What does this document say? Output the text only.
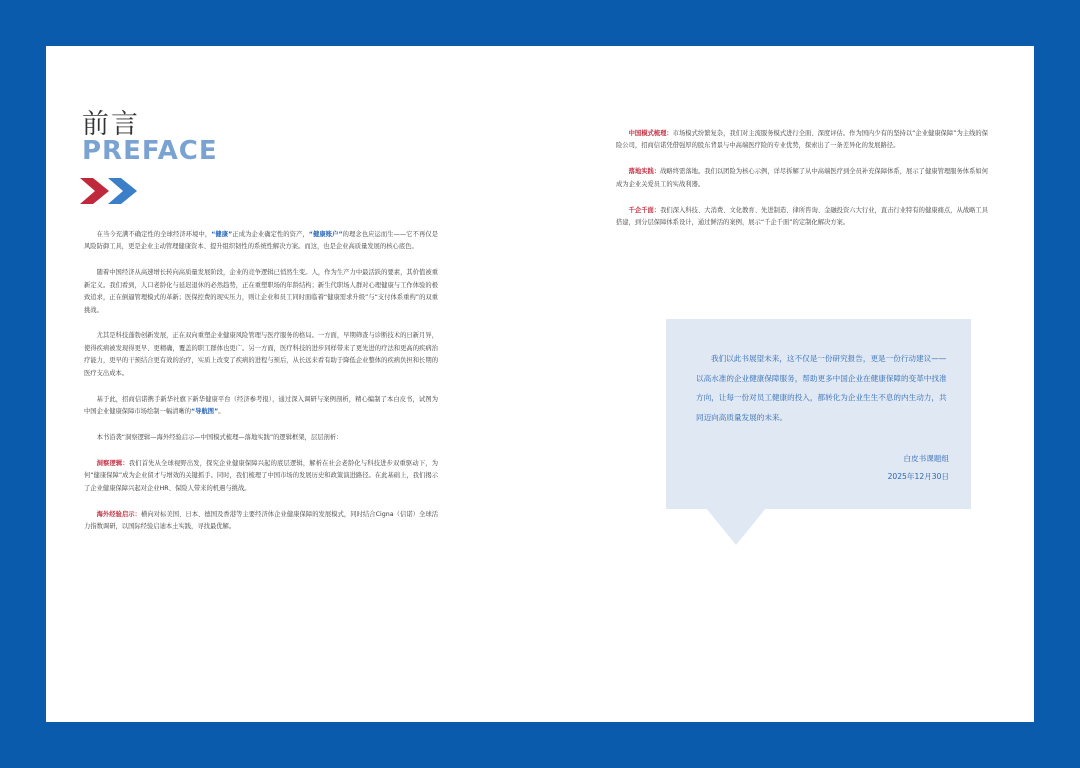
前言
PREFACE

在当今充满不确定性的全球经济环境中，“健康”正成为企业确定性的资产，“健康账户”的理念也应运而生——它不再仅是风险防御工具，更是企业主动管理健康资本、提升组织韧性的系统性解决方案。而这，也是企业高质量发展的核心底色。

随着中国经济从高速增长转向高质量发展阶段，企业的竞争逻辑已悄然生变。人，作为生产力中最活跃的要素，其价值被重新定义。我们看到，人口老龄化与延迟退休的必然趋势，正在重塑职场的年龄结构；新生代职场人群对心理健康与工作体验的极致追求，正在倒逼管理模式的革新；医保控费的现实压力，则让企业和员工同时面临着“健康需求升级”与“支付体系重构”的双重挑战。

尤其是科技蓬勃创新发展，正在双向重塑企业健康风险管理与医疗服务的格局。一方面，早期筛查与诊断技术的日新月异，使得疾病被发现得更早、更精确，覆盖的职工群体也更广。另一方面，医疗科技的进步同样带来了更先进的疗法和更高的疾病治疗能力，更早的干预结合更有效的治疗，实质上改变了疾病的进程与预后，从长远来看有助于降低企业整体的疾病负担和长期的医疗支出成本。

基于此，招商信诺携手新华社旗下新华健康平台（经济参考报），通过深入调研与案例剖析，精心编制了本白皮书，试图为中国企业健康保障市场绘制一幅清晰的“导航图”。

本书沿袭“洞察逻辑—海外经验启示—中国模式梳理—落地实践”的逻辑框架，层层剖析：

洞察逻辑：我们首先从全球视野出发，探究企业健康保障兴起的底层逻辑，解析在社会老龄化与科技进步双重驱动下，为何“健康保障”成为企业留才与增效的关键抓手。同时，我们梳理了中国市场的发展历史和政策演进路径。在此基础上，我们揭示了企业健康保障兴起对企业HR、保险人带来的机遇与挑战。

海外经验启示：横向对标美国、日本、德国及香港等主要经济体企业健康保障的发展模式，同时结合Cigna（信诺）全球活力指数调研，以国际经验启迪本土实践，寻找最优解。

中国模式梳理：市场模式纷繁复杂，我们对主流服务模式进行全面、深度评估。作为国内少有的坚持以“企业健康保障”为主线的保险公司，招商信诺凭借强厚的股东背景与中高端医疗险的专业优势，探索出了一条差异化的发展路径。

落地实践：战略终需落地。我们以团险为核心示例，详尽拆解了从中高端医疗到全员补充保障体系，展示了健康管理服务体系如何成为企业关爱员工的实战利器。

千企千面：我们深入科技、大消费、文化教育、先进制造、律所咨询、金融投资六大行业，直击行业特有的健康痛点，从战略工具搭建，到分层保障体系设计，通过鲜活的案例，展示“千企千面”的定制化解决方案。

我们以此书展望未来，这不仅是一份研究报告，更是一份行动建议——以高水准的企业健康保障服务，帮助更多中国企业在健康保障的变革中找准方向，让每一份对员工健康的投入，都转化为企业生生不息的内生动力，共同迈向高质量发展的未来。
白皮书课题组
2025年12月30日
